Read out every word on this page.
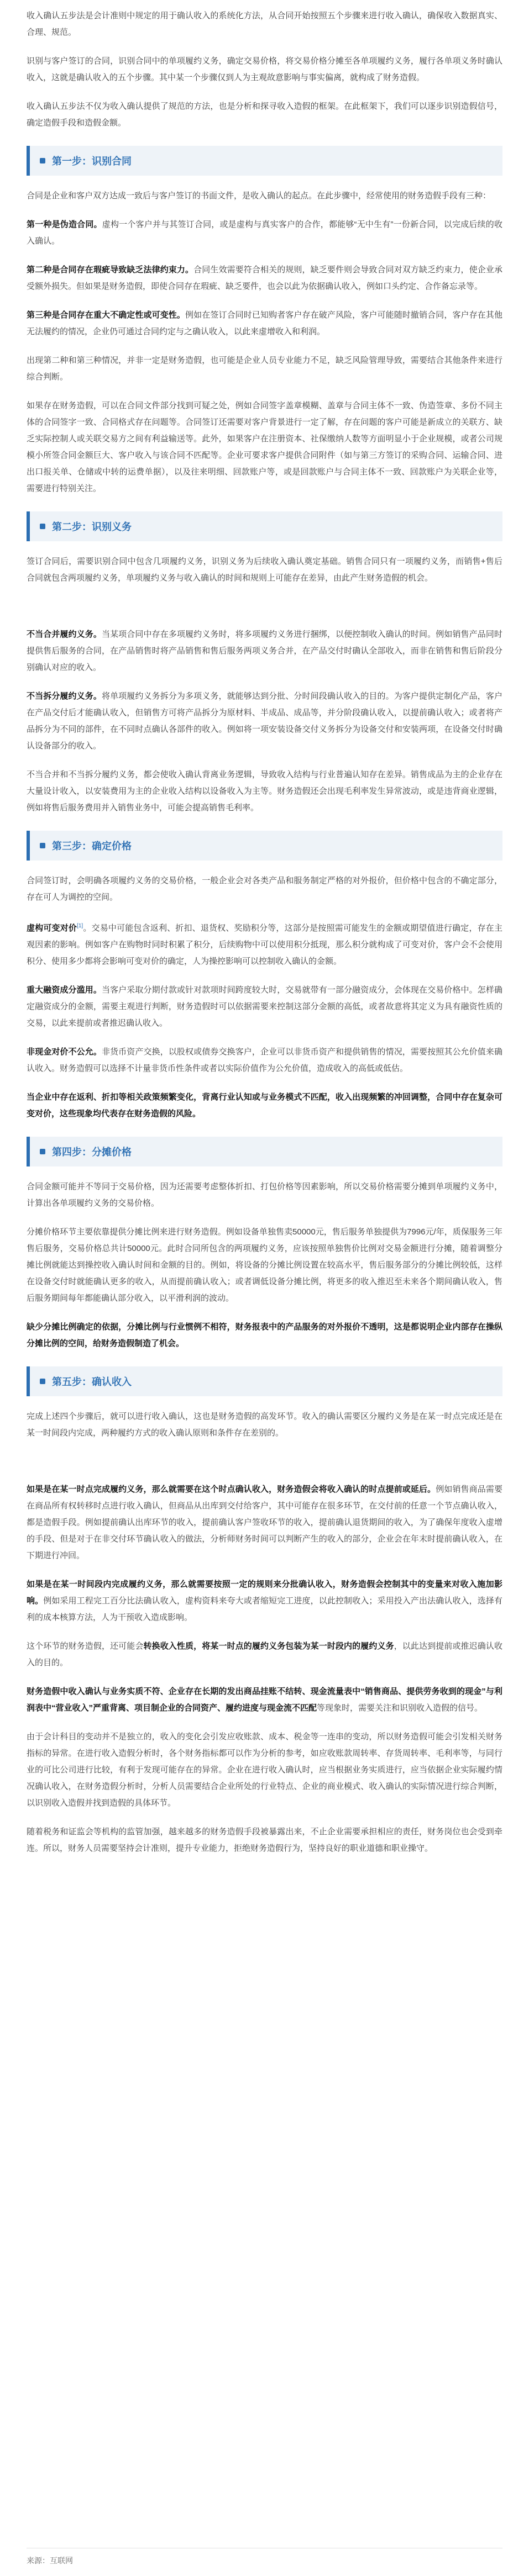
收入确认五步法是会计准则中规定的用于确认收入的系统化方法，从合同开始按照五个步骤来进行收入确认，确保收入数据真实、合理、规范。

识别与客户签订的合同，识别合同中的单项履约义务，确定交易价格，将交易价格分摊至各单项履约义务，履行各单项义务时确认收入，这就是确认收入的五个步骤。其中某一个步骤仅到人为主观故意影响与事实偏离，就构成了财务造假。

收入确认五步法不仅为收入确认提供了规范的方法，也是分析和探寻收入造假的框架。在此框架下，我们可以逐步识别造假信号，确定造假手段和造假金额。

第一步：识别合同

合同是企业和客户双方达成一致后与客户签订的书面文件，是收入确认的起点。在此步骤中，经常使用的财务造假手段有三种：

第一种是伪造合同。虚构一个客户并与其签订合同，或是虚构与真实客户的合作，都能够“无中生有”一份新合同，以完成后续的收入确认。

第二种是合同存在瑕疵导致缺乏法律约束力。合同生效需要符合相关的规则，缺乏要件则会导致合同对双方缺乏约束力，使企业承受额外损失。但如果是财务造假，即使合同存在瑕疵、缺乏要件，也会以此为依据确认收入，例如口头约定、合作备忘录等。

第三种是合同存在重大不确定性或可变性。例如在签订合同时已知购者客户存在破产风险，客户可能随时撤销合同，客户存在其他无法履约的情况，企业仍可通过合同约定与之确认收入，以此来虚增收入和利润。

出现第二种和第三种情况，并非一定是财务造假，也可能是企业人员专业能力不足，缺乏风险管理导致，需要结合其他条件来进行综合判断。

如果存在财务造假，可以在合同文件部分找到可疑之处，例如合同签字盖章模糊、盖章与合同主体不一致、伪造签章、多份不同主体的合同签字一致、合同格式存在问题等。合同签订还需要对客户背景进行一定了解，存在问题的客户可能是新成立的关联方、缺乏实际控制人或关联交易方之间有利益输送等。此外，如果客户在注册资本、社保缴纳人数等方面明显小于企业规模，或者公司规模小所签合同金额巨大、客户收入与该合同不匹配等。企业可要求客户提供合同附件（如与第三方签订的采购合同、运输合同、进出口报关单、仓储或中转的运费单据），以及往来明细、回款账户等，或是回款账户与合同主体不一致、回款账户为关联企业等，需要进行特别关注。

第二步：识别义务

签订合同后，需要识别合同中包含几项履约义务，识别义务为后续收入确认奠定基础。销售合同只有一项履约义务，而销售+售后合同就包含两项履约义务，单项履约义务与收入确认的时间和规则上可能存在差异，由此产生财务造假的机会。

不当合并履约义务。当某项合同中存在多项履约义务时，将多项履约义务进行捆绑，以便控制收入确认的时间。例如销售产品同时提供售后服务的合同，在产品销售时将产品销售和售后服务两项义务合并，在产品交付时确认全部收入，而非在销售和售后阶段分别确认对应的收入。

不当拆分履约义务。将单项履约义务拆分为多项义务，就能够达到分批、分时间段确认收入的目的。为客户提供定制化产品，客户在产品交付后才能确认收入，但销售方可将产品拆分为原材料、半成品、成品等，并分阶段确认收入，以提前确认收入；或者将产品拆分为不同的部件，在不同时点确认各部件的收入。例如将一项安装设备交付义务拆分为设备交付和安装两项，在设备交付时确认设备部分的收入。

不当合并和不当拆分履约义务，都会使收入确认背离业务逻辑，导致收入结构与行业普遍认知存在差异。销售成品为主的企业存在大量设计收入，以安装费用为主的企业收入结构以设备收入为主等。财务造假还会出现毛利率发生异常波动，或是违背商业逻辑，例如将售后服务费用并入销售业务中，可能会提高销售毛利率。

第三步：确定价格

合同签订时，会明确各项履约义务的交易价格，一般企业会对各类产品和服务制定严格的对外报价，但价格中包含的不确定部分，存在可人为调控的空间。

虚构可变对价[1]。交易中可能包含返利、折扣、退货权、奖励积分等，这部分是按照需可能发生的金额或期望值进行确定，存在主观因素的影响。例如客户在购物时同时积累了积分，后续购物中可以使用积分抵现，那么积分就构成了可变对价，客户会不会使用积分、使用多少都将会影响可变对价的确定，人为操控影响可以控制收入确认的金额。

重大融资成分滥用。当客户采取分期付款或针对款项时间跨度较大时，交易就带有一部分融资成分，会体现在交易价格中。怎样确定融资成分的金额，需要主观进行判断，财务造假时可以依据需要来控制这部分金额的高低，或者故意将其定义为具有融资性质的交易，以此来提前或者推迟确认收入。

非现金对价不公允。非货币资产交换，以股权或债券交换客户，企业可以非货币资产和提供销售的情况，需要按照其公允价值来确认收入。财务造假可以选择不计量非货币性条件或者以实际价值作为公允价值，造成收入的高低或低估。

当企业中存在返利、折扣等相关政策频繁变化，背离行业认知或与业务模式不匹配，收入出现频繁的冲回调整，合同中存在复杂可变对价，这些现象均代表存在财务造假的风险。

第四步：分摊价格

合同金额可能并不等同于交易价格，因为还需要考虑整体折扣、打包价格等因素影响，所以交易价格需要分摊到单项履约义务中，计算出各单项履约义务的交易价格。

分摊价格环节主要依靠提供分摊比例来进行财务造假。例如设备单独售卖50000元，售后服务单独提供为7996元/年，质保服务三年售后服务，交易价格总共计50000元。此时合同所包含的两项履约义务，应该按照单独售价比例对交易金额进行分摊，随着调整分摊比例就能达到操控收入确认时间和金额的目的。例如，将设备的分摊比例设置在较高水平，售后服务部分的分摊比例较低，这样在设备交付时就能确认更多的收入，从而提前确认收入；或者调低设备分摊比例，将更多的收入推迟至未来各个期间确认收入，售后服务期间每年都能确认部分收入，以平滑利润的波动。

缺少分摊比例确定的依据，分摊比例与行业惯例不相符，财务报表中的产品服务的对外报价不透明，这是都说明企业内部存在操纵分摊比例的空间，给财务造假制造了机会。

第五步：确认收入

完成上述四个步骤后，就可以进行收入确认，这也是财务造假的高发环节。收入的确认需要区分履约义务是在某一时点完成还是在某一时间段内完成，两种履约方式的收入确认原则和条件存在差别的。

如果是在某一时点完成履约义务，那么就需要在这个时点确认收入，财务造假会将收入确认的时点提前或延后。例如销售商品需要在商品所有权转移时点进行收入确认，但商品从出库到交付给客户，其中可能存在很多环节，在交付前的任意一个节点确认收入，都是造假手段。例如提前确认出库环节的收入，提前确认客户签收环节的收入，提前确认退货期间的收入，为了确保年度收入虚增的手段、但是对于在非交付环节确认收入的做法，分析师财务时间可以判断产生的收入的部分，企业会在年末时提前确认收入，在下期进行冲回。

如果是在某一时间段内完成履约义务，那么就需要按照一定的规则来分批确认收入，财务造假会控制其中的变量来对收入施加影响。例如采用工程完工百分比法确认收入，虚构资料来夸大或者缩短完工进度，以此控制收入；采用投入产出法确认收入，选择有利的成本核算方法，人为干预收入造成影响。

这个环节的财务造假，还可能会转换收入性质，将某一时点的履约义务包装为某一时段内的履约义务，以此达到提前或推迟确认收入的目的。

财务造假中收入确认与业务实质不符、企业存在长期的发出商品挂账不结转、现金流量表中“销售商品、提供劳务收到的现金”与利润表中“营业收入”严重背离、项目制企业的合同资产、履约进度与现金流不匹配等现象时，需要关注和识别收入造假的信号。

由于会计科目的变动并不是独立的，收入的变化会引发应收账款、成本、税金等一连串的变动，所以财务造假可能会引发相关财务指标的异常。在进行收入造假分析时，各个财务指标都可以作为分析的参考，如应收账款周转率、存货周转率、毛利率等，与同行业的可比公司进行比较，有利于发现可能存在的异常。企业在进行收入确认时，应当根据业务实质进行，应当依据企业实际履约情况确认收入，在财务造假分析时，分析人员需要结合企业所处的行业特点、企业的商业模式、收入确认的实际情况进行综合判断，以识别收入造假并找到造假的具体环节。

随着税务和证监会等机构的监管加强，越来越多的财务造假手段被暴露出来，不止企业需要承担相应的责任，财务岗位也会受到牵连。所以，财务人员需要坚持会计准则，提升专业能力，拒绝财务造假行为，坚持良好的职业道德和职业操守。

来源：互联网
